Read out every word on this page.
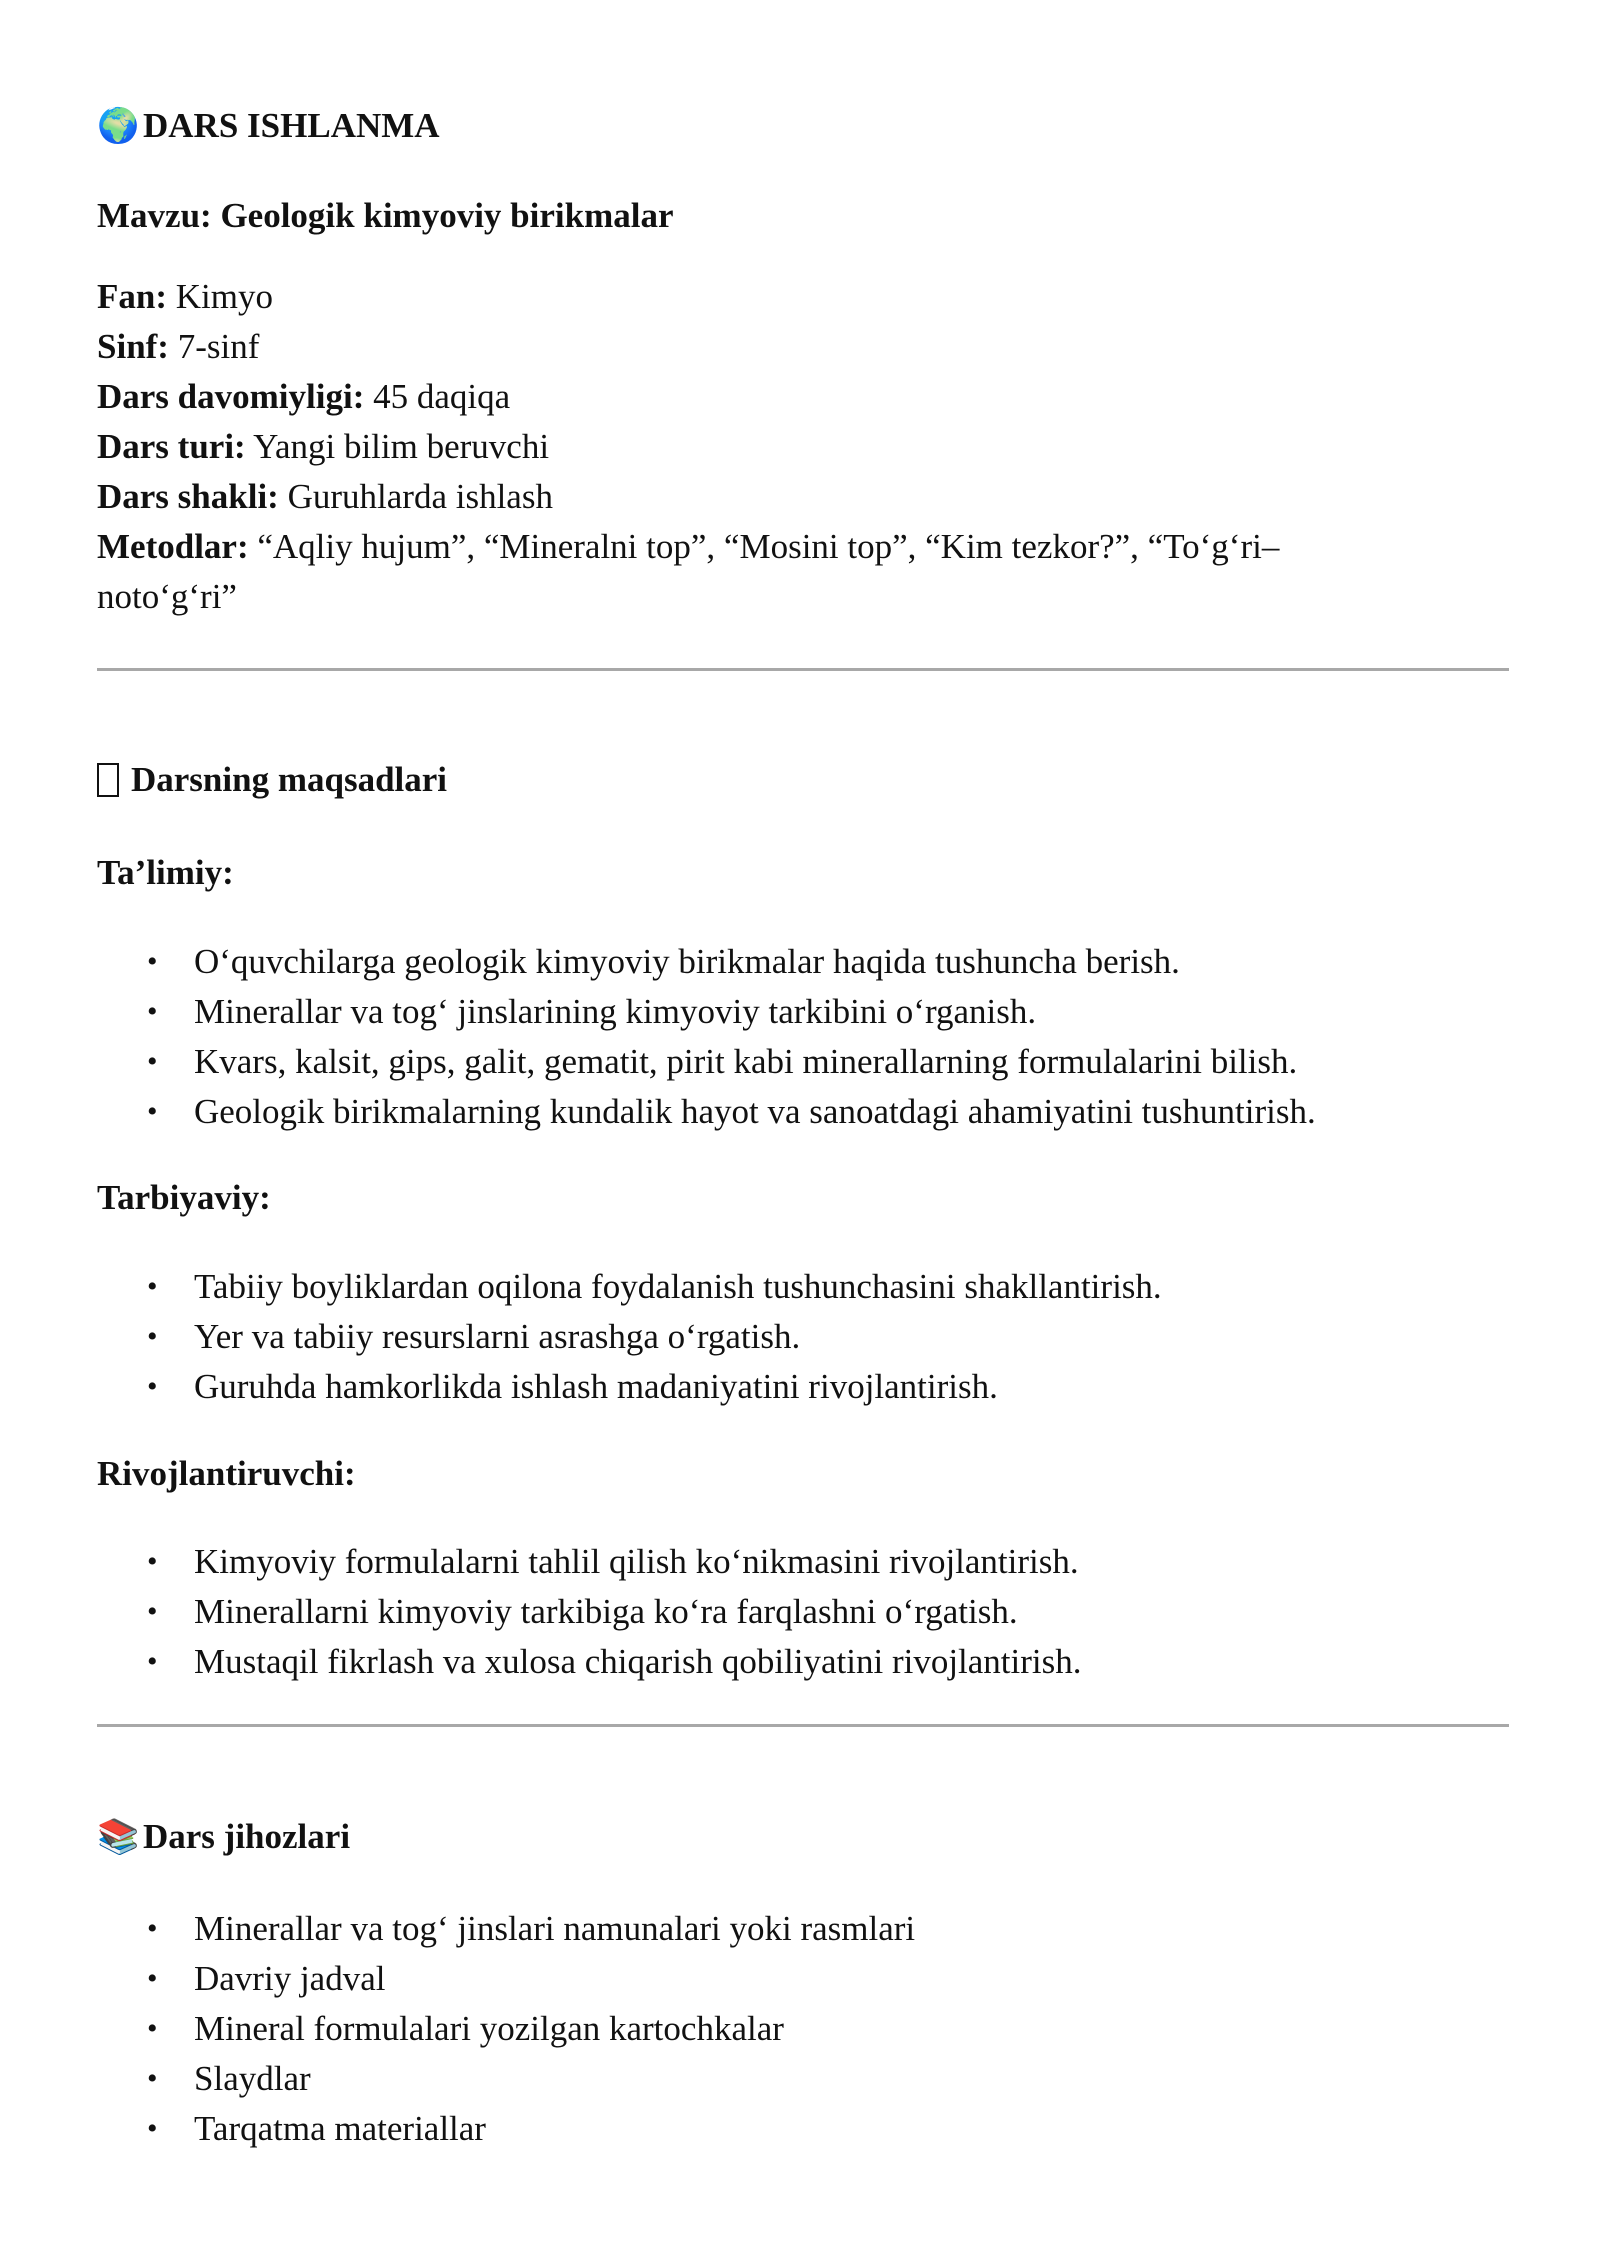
🌍 DARS ISHLANMA
Mavzu: Geologik kimyoviy birikmalar
Fan: Kimyo
Sinf: 7-sinf
Dars davomiyligi: 45 daqiqa
Dars turi: Yangi bilim beruvchi
Dars shakli: Guruhlarda ishlash
Metodlar: “Aqliy hujum”, “Mineralni top”, “Mosini top”, “Kim tezkor?”, “To‘g‘ri–noto‘g‘ri”
Darsning maqsadlari
Ta’limiy:
• O‘quvchilarga geologik kimyoviy birikmalar haqida tushuncha berish.
• Minerallar va tog‘ jinslarining kimyoviy tarkibini o‘rganish.
• Kvars, kalsit, gips, galit, gematit, pirit kabi minerallarning formulalarini bilish.
• Geologik birikmalarning kundalik hayot va sanoatdagi ahamiyatini tushuntirish.
Tarbiyaviy:
• Tabiiy boyliklardan oqilona foydalanish tushunchasini shakllantirish.
• Yer va tabiiy resurslarni asrashga o‘rgatish.
• Guruhda hamkorlikda ishlash madaniyatini rivojlantirish.
Rivojlantiruvchi:
• Kimyoviy formulalarni tahlil qilish ko‘nikmasini rivojlantirish.
• Minerallarni kimyoviy tarkibiga ko‘ra farqlashni o‘rgatish.
• Mustaqil fikrlash va xulosa chiqarish qobiliyatini rivojlantirish.
📚 Dars jihozlari
• Minerallar va tog‘ jinslari namunalari yoki rasmlari
• Davriy jadval
• Mineral formulalari yozilgan kartochkalar
• Slaydlar
• Tarqatma materiallar
